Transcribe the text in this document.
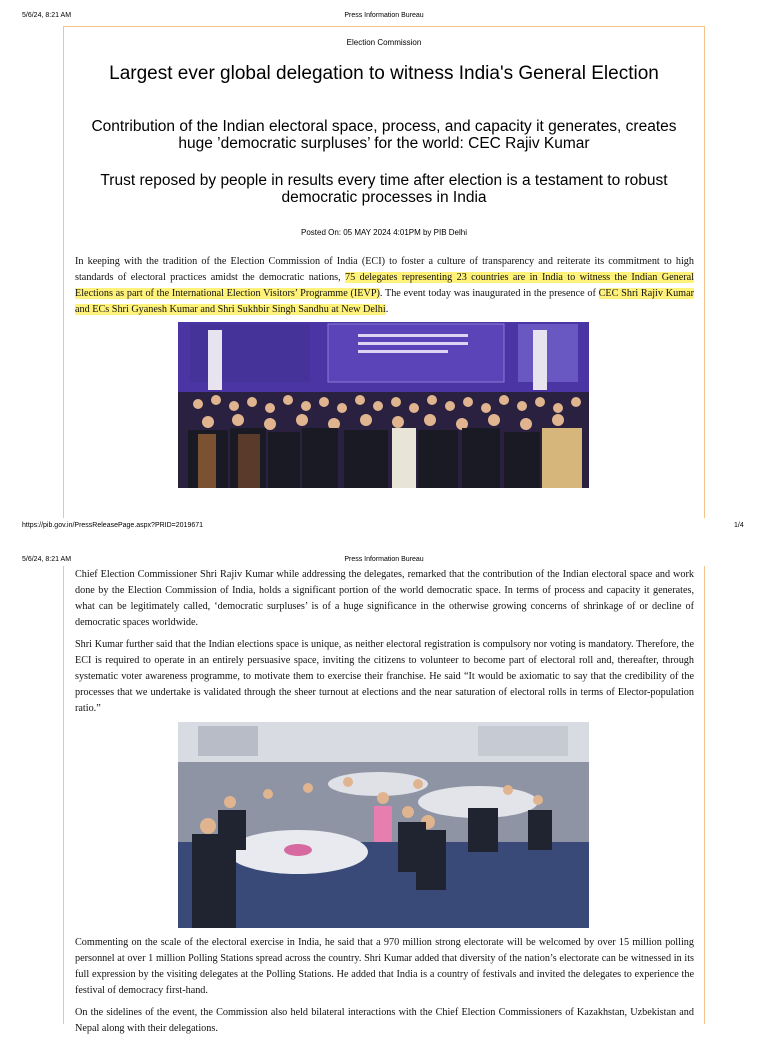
5/6/24, 8:21 AM	Press Information Bureau
Election Commission
Largest ever global delegation to witness India's General Election
Contribution of the Indian electoral space, process, and capacity it generates, creates huge ’democratic surpluses’ for the world: CEC Rajiv Kumar
Trust reposed by people in results every time after election is a testament to robust democratic processes in India
Posted On: 05 MAY 2024 4:01PM by PIB Delhi

In keeping with the tradition of the Election Commission of India (ECI) to foster a culture of transparency and reiterate its commitment to high standards of electoral practices amidst the democratic nations, 75 delegates representing 23 countries are in India to witness the Indian General Elections as part of the International Election Visitors’ Programme (IEVP). The event today was inaugurated in the presence of CEC Shri Rajiv Kumar and ECs Shri Gyanesh Kumar and Shri Sukhbir Singh Sandhu at New Delhi.

https://pib.gov.in/PressReleasePage.aspx?PRID=2019671	1/4
5/6/24, 8:21 AM	Press Information Bureau

Chief Election Commissioner Shri Rajiv Kumar while addressing the delegates, remarked that the contribution of the Indian electoral space and work done by the Election Commission of India, holds a significant portion of the world democratic space. In terms of process and capacity it generates, what can be legitimately called, ‘democratic surpluses’ is of a huge significance in the otherwise growing concerns of shrinkage of or decline of democratic spaces worldwide.

Shri Kumar further said that the Indian elections space is unique, as neither electoral registration is compulsory nor voting is mandatory. Therefore, the ECI is required to operate in an entirely persuasive space, inviting the citizens to volunteer to become part of electoral roll and, thereafter, through systematic voter awareness programme, to motivate them to exercise their franchise. He said “It would be axiomatic to say that the credibility of the processes that we undertake is validated through the sheer turnout at elections and the near saturation of electoral rolls in terms of Elector-population ratio.”

Commenting on the scale of the electoral exercise in India, he said that a 970 million strong electorate will be welcomed by over 15 million polling personnel at over 1 million Polling Stations spread across the country. Shri Kumar added that diversity of the nation’s electorate can be witnessed in its full expression by the visiting delegates at the Polling Stations. He added that India is a country of festivals and invited the delegates to experience the festival of democracy first-hand.

On the sidelines of the event, the Commission also held bilateral interactions with the Chief Election Commissioners of Kazakhstan, Uzbekistan and Nepal along with their delegations.
